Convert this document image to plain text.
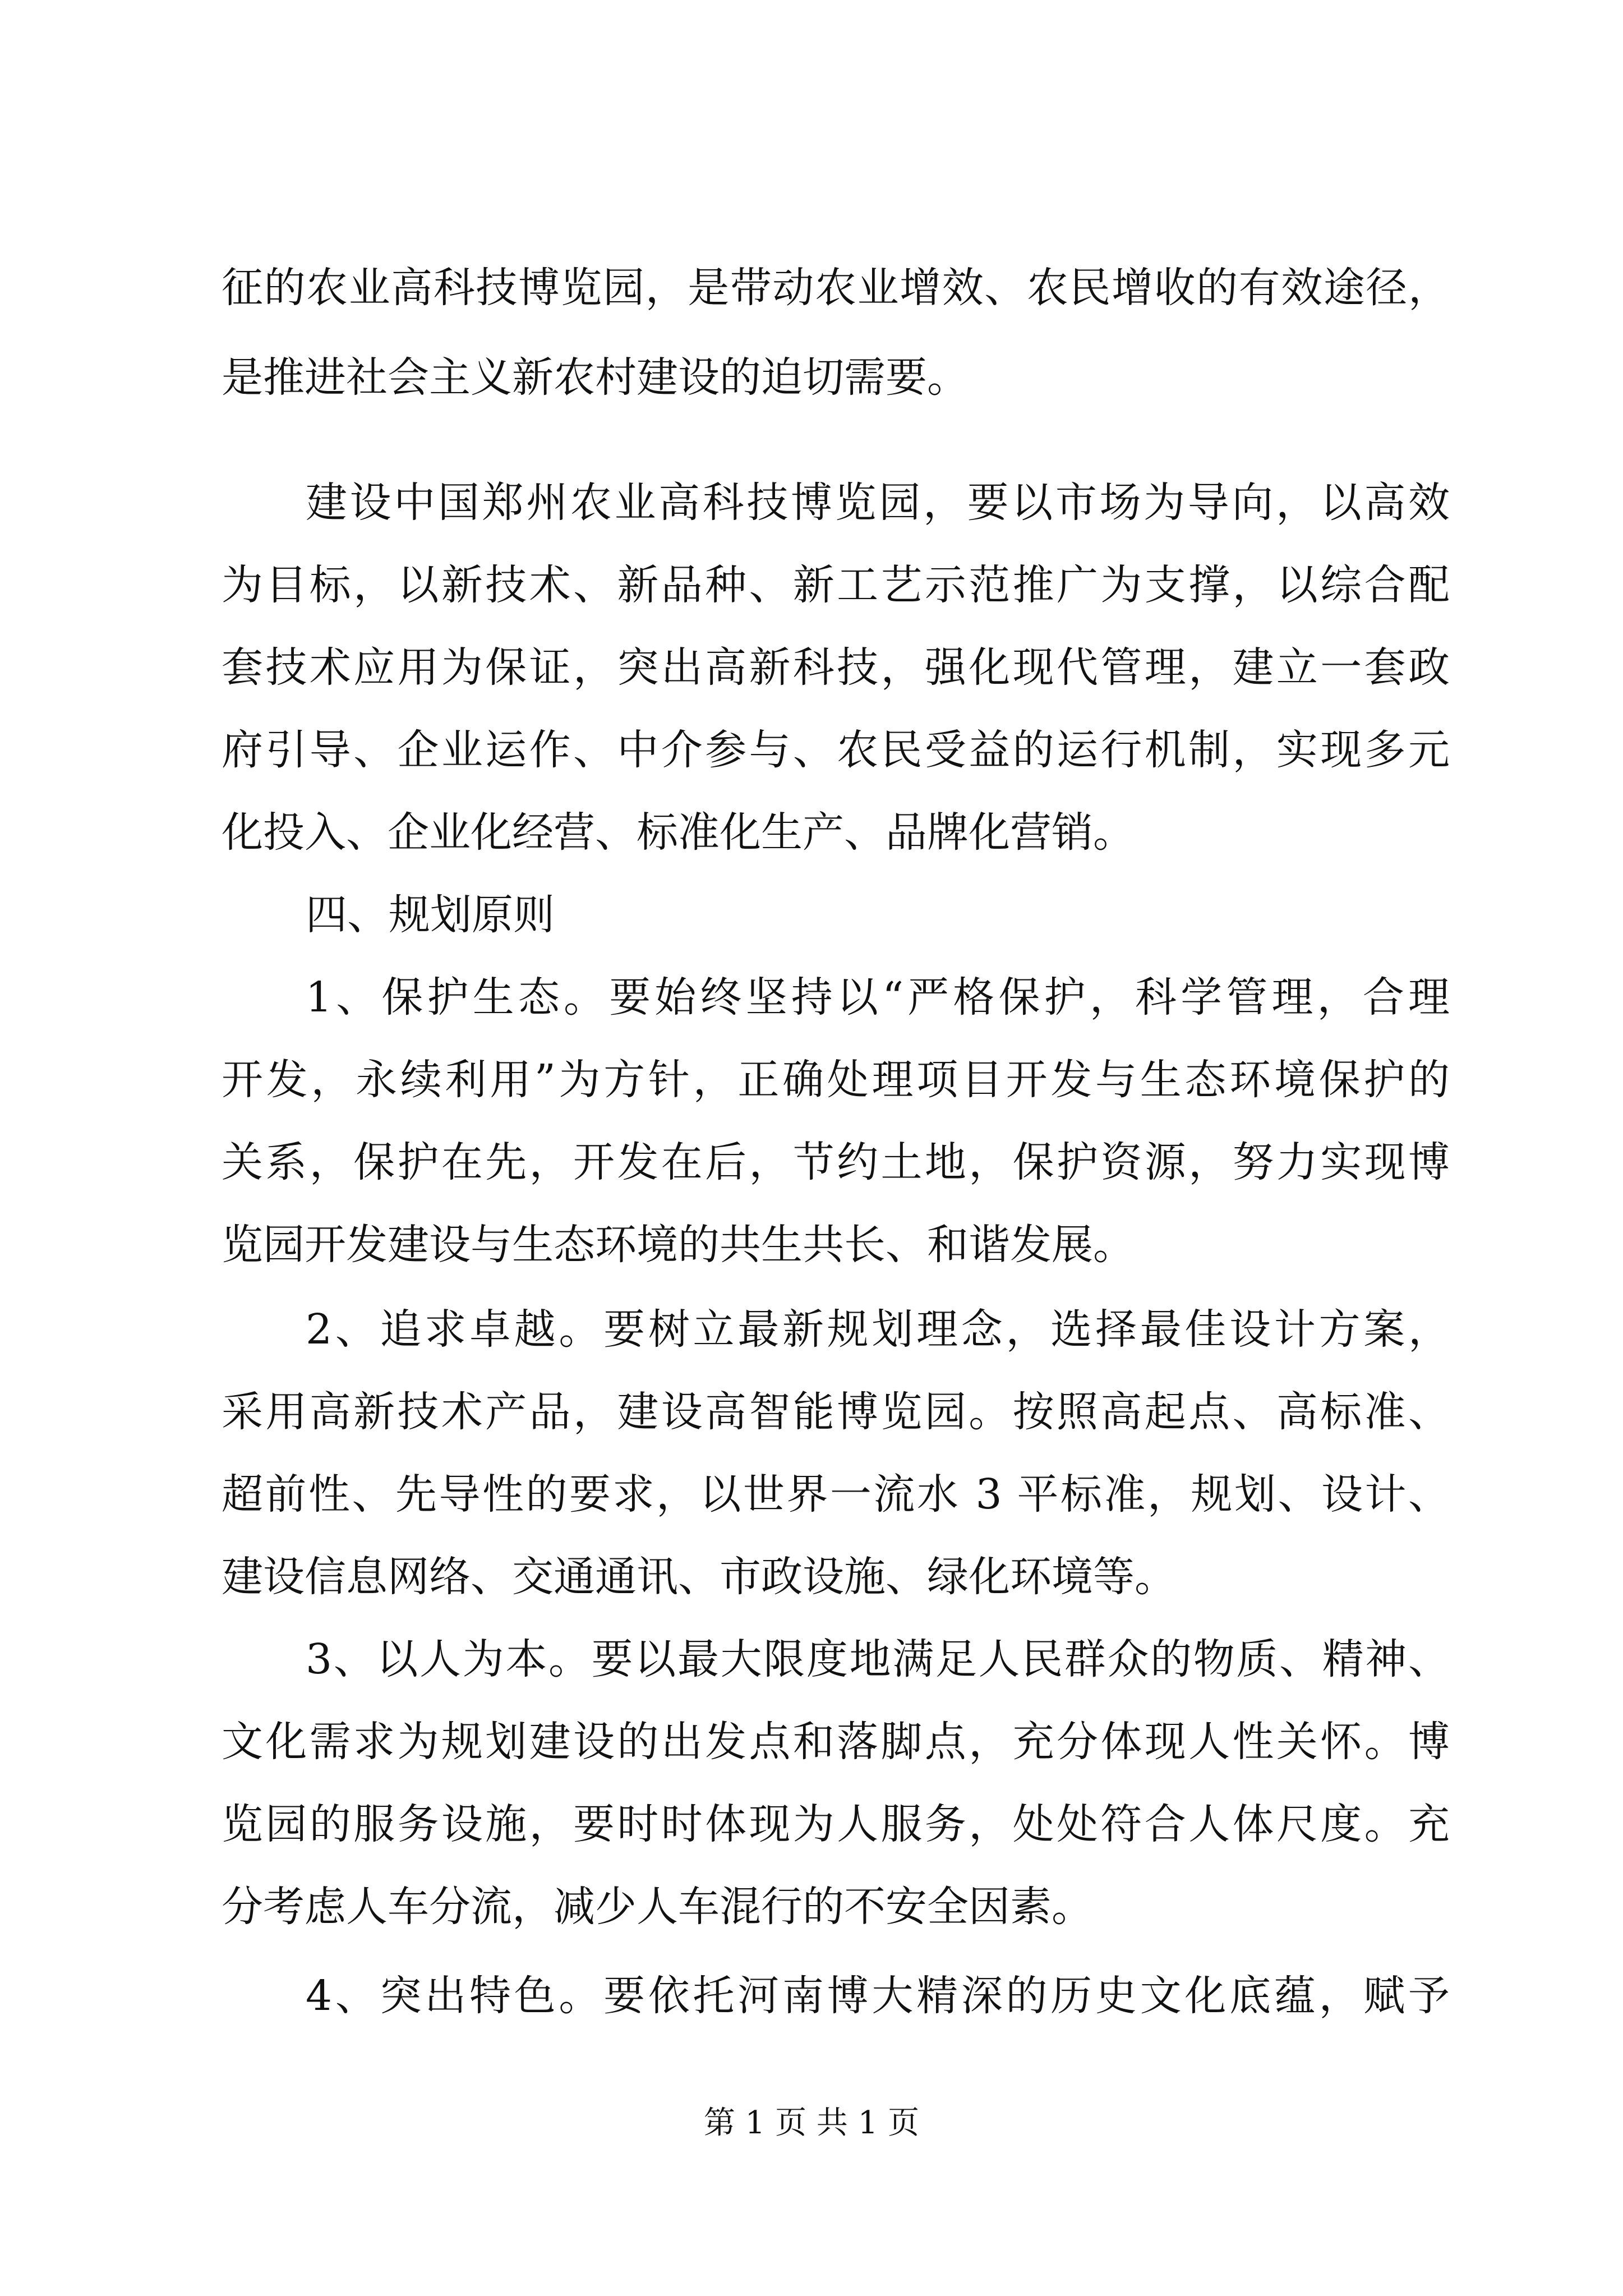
征的农业高科技博览园，是带动农业增效、农民增收的有效途径，
是推进社会主义新农村建设的迫切需要。
建设中国郑州农业高科技博览园，要以市场为导向，以高效
为目标，以新技术、新品种、新工艺示范推广为支撑，以综合配
套技术应用为保证，突出高新科技，强化现代管理，建立一套政
府引导、企业运作、中介参与、农民受益的运行机制，实现多元
化投入、企业化经营、标准化生产、品牌化营销。
四、规划原则
1、保护生态。要始终坚持以“严格保护，科学管理，合理
开发，永续利用”为方针，正确处理项目开发与生态环境保护的
关系，保护在先，开发在后，节约土地，保护资源，努力实现博
览园开发建设与生态环境的共生共长、和谐发展。
2、追求卓越。要树立最新规划理念，选择最佳设计方案，
采用高新技术产品，建设高智能博览园。按照高起点、高标准、
超前性、先导性的要求，以世界一流水 3 平标准，规划、设计、
建设信息网络、交通通讯、市政设施、绿化环境等。
3、以人为本。要以最大限度地满足人民群众的物质、精神、
文化需求为规划建设的出发点和落脚点，充分体现人性关怀。博
览园的服务设施，要时时体现为人服务，处处符合人体尺度。充
分考虑人车分流，减少人车混行的不安全因素。
4、突出特色。要依托河南博大精深的历史文化底蕴，赋予
第 1 页 共 1 页
